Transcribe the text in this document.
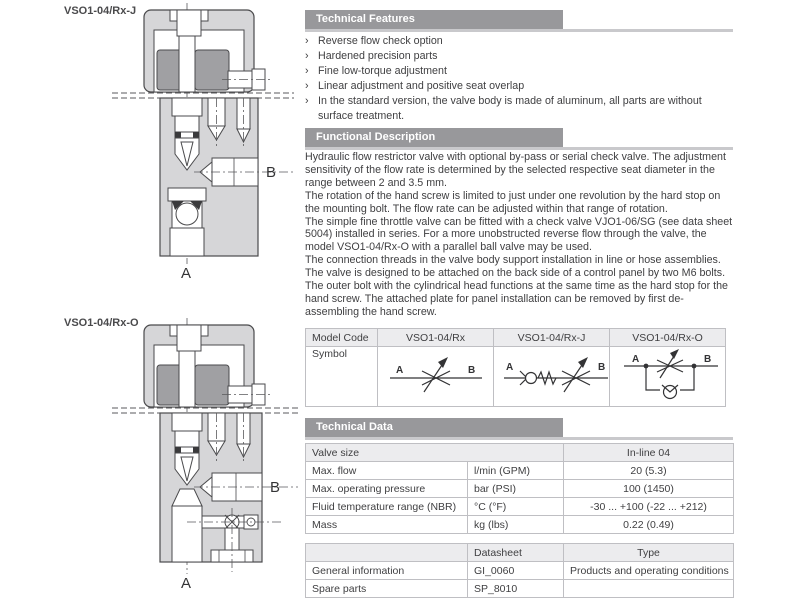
VSO1-04/Rx-J
B
A
VSO1-04/Rx-O
B
A
Technical Features
› Reverse flow check option
› Hardened precision parts
› Fine low-torque adjustment
› Linear adjustment and positive seat overlap
› In the standard version, the valve body is made of aluminum, all parts are without surface treatment.
Functional Description

Hydraulic flow restrictor valve with optional by-pass or serial check valve. The adjustment sensitivity of the flow rate is determined by the selected respective seat diameter in the range between 2 and 3.5 mm.

The rotation of the hand screw is limited to just under one revolution by the hard stop on the mounting bolt. The flow rate can be adjusted within that range of rotation.

The simple fine throttle valve can be fitted with a check valve VJO1-06/SG (see data sheet 5004) installed in series. For a more unobstructed reverse flow through the valve, the model VSO1-04/Rx-O with a parallel ball valve may be used.

The connection threads in the valve body support installation in line or hose assemblies.

The valve is designed to be attached on the back side of a control panel by two M6 bolts. The outer bolt with the cylindrical head functions at the same time as the hard stop for the hand screw. The attached plate for panel installation can be removed by first de-assembling the hand screw.

Model Code	VSO1-04/Rx	VSO1-04/Rx-J	VSO1-04/Rx-O
Symbol	A B	A B	A B
Technical Data
Valve size		In-line 04
Max. flow	l/min (GPM)	20 (5.3)
Max. operating pressure	bar (PSI)	100 (1450)
Fluid temperature range (NBR)	°C (°F)	-30 ... +100 (-22 ... +212)
Mass	kg (lbs)	0.22 (0.49)
	Datasheet	Type
General information	GI_0060	Products and operating conditions
Spare parts	SP_8010	
